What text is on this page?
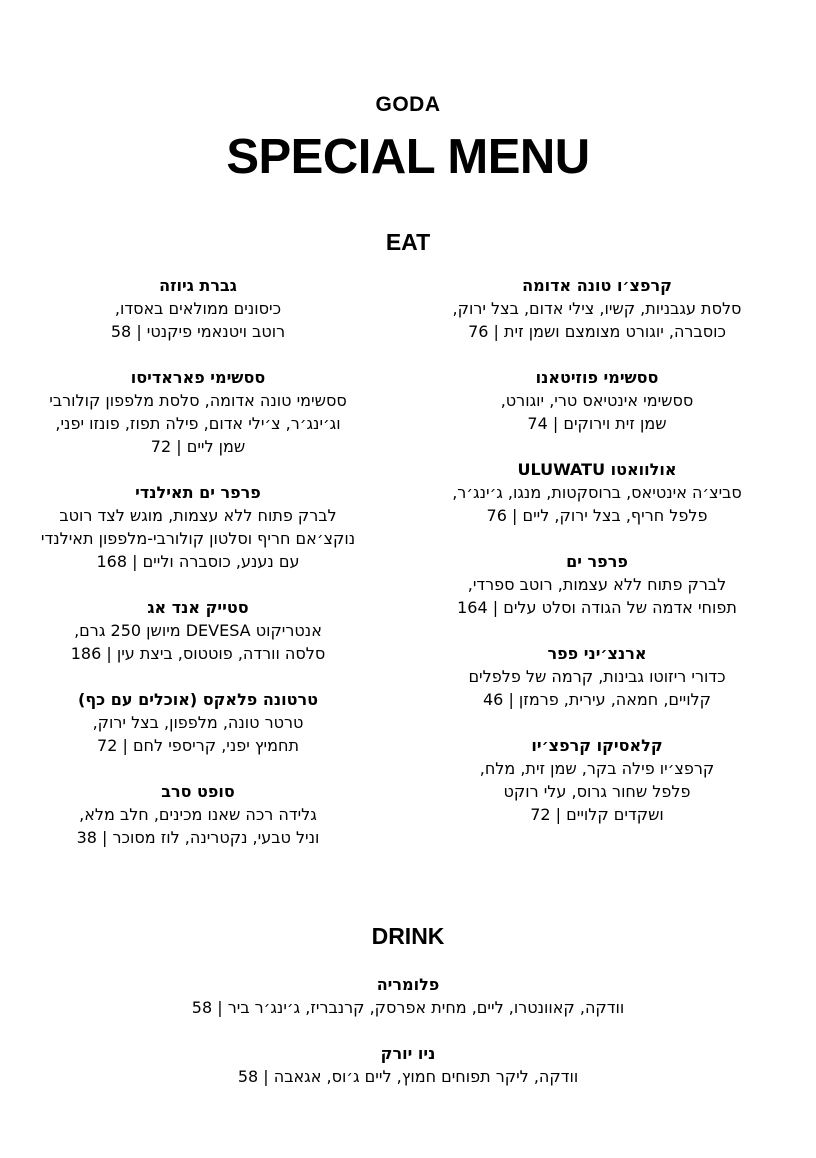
GODA
SPECIAL MENU
EAT
קרפצ׳ו טונה אדומה
סלסת עגבניות, קשיו, צילי אדום, בצל ירוק,
כוסברה, יוגורט מצומצם ושמן זית | 76
ססשימי פוזיטאנו
ססשימי אינטיאס טרי, יוגורט,
שמן זית וירוקים | 74
אולוואטו ULUWATU
סביצ׳ה אינטיאס, ברוסקטות, מנגו, ג׳ינג׳ר,
פלפל חריף, בצל ירוק, ליים | 76
פרפר ים
לברק פתוח ללא עצמות, רוטב ספרדי,
תפוחי אדמה של הגודה וסלט עלים | 164
ארנצ׳יני פפר
כדורי ריזוטו גבינות, קרמה של פלפלים
קלויים, חמאה, עירית, פרמזן | 46
קלאסיקו קרפצ׳יו
קרפצ׳יו פילה בקר, שמן זית, מלח,
פלפל שחור גרוס, עלי רוקט
ושקדים קלויים | 72
גברת גיוזה
כיסונים ממולאים באסדו,
רוטב ויטנאמי פיקנטי | 58
ססשימי פאראדיסו
ססשימי טונה אדומה, סלסת מלפפון קולורבי
וג׳ינג׳ר, צ׳ילי אדום, פילה תפוז, פונזו יפני,
שמן ליים | 72
פרפר ים תאילנדי
לברק פתוח ללא עצמות, מוגש לצד רוטב
נוקצ׳אם חריף וסלטון קולורבי-מלפפון תאילנדי
עם נענע, כוסברה וליים | 168
סטייק אנד אג
אנטריקוט DEVESA מיושן 250 גרם,
סלסה וורדה, פוטטוס, ביצת עין | 186
טרטונה פלאקס (אוכלים עם כף)
טרטר טונה, מלפפון, בצל ירוק,
תחמיץ יפני, קריספי לחם | 72
סופט סרב
גלידה רכה שאנו מכינים, חלב מלא,
וניל טבעי, נקטרינה, לוז מסוכר | 38
DRINK
פלומריה
וודקה, קאוונטרו, ליים, מחית אפרסק, קרנבריז, ג׳ינג׳ר ביר | 58
ניו יורק
וודקה, ליקר תפוחים חמוץ, ליים ג׳וס, אגאבה | 58
